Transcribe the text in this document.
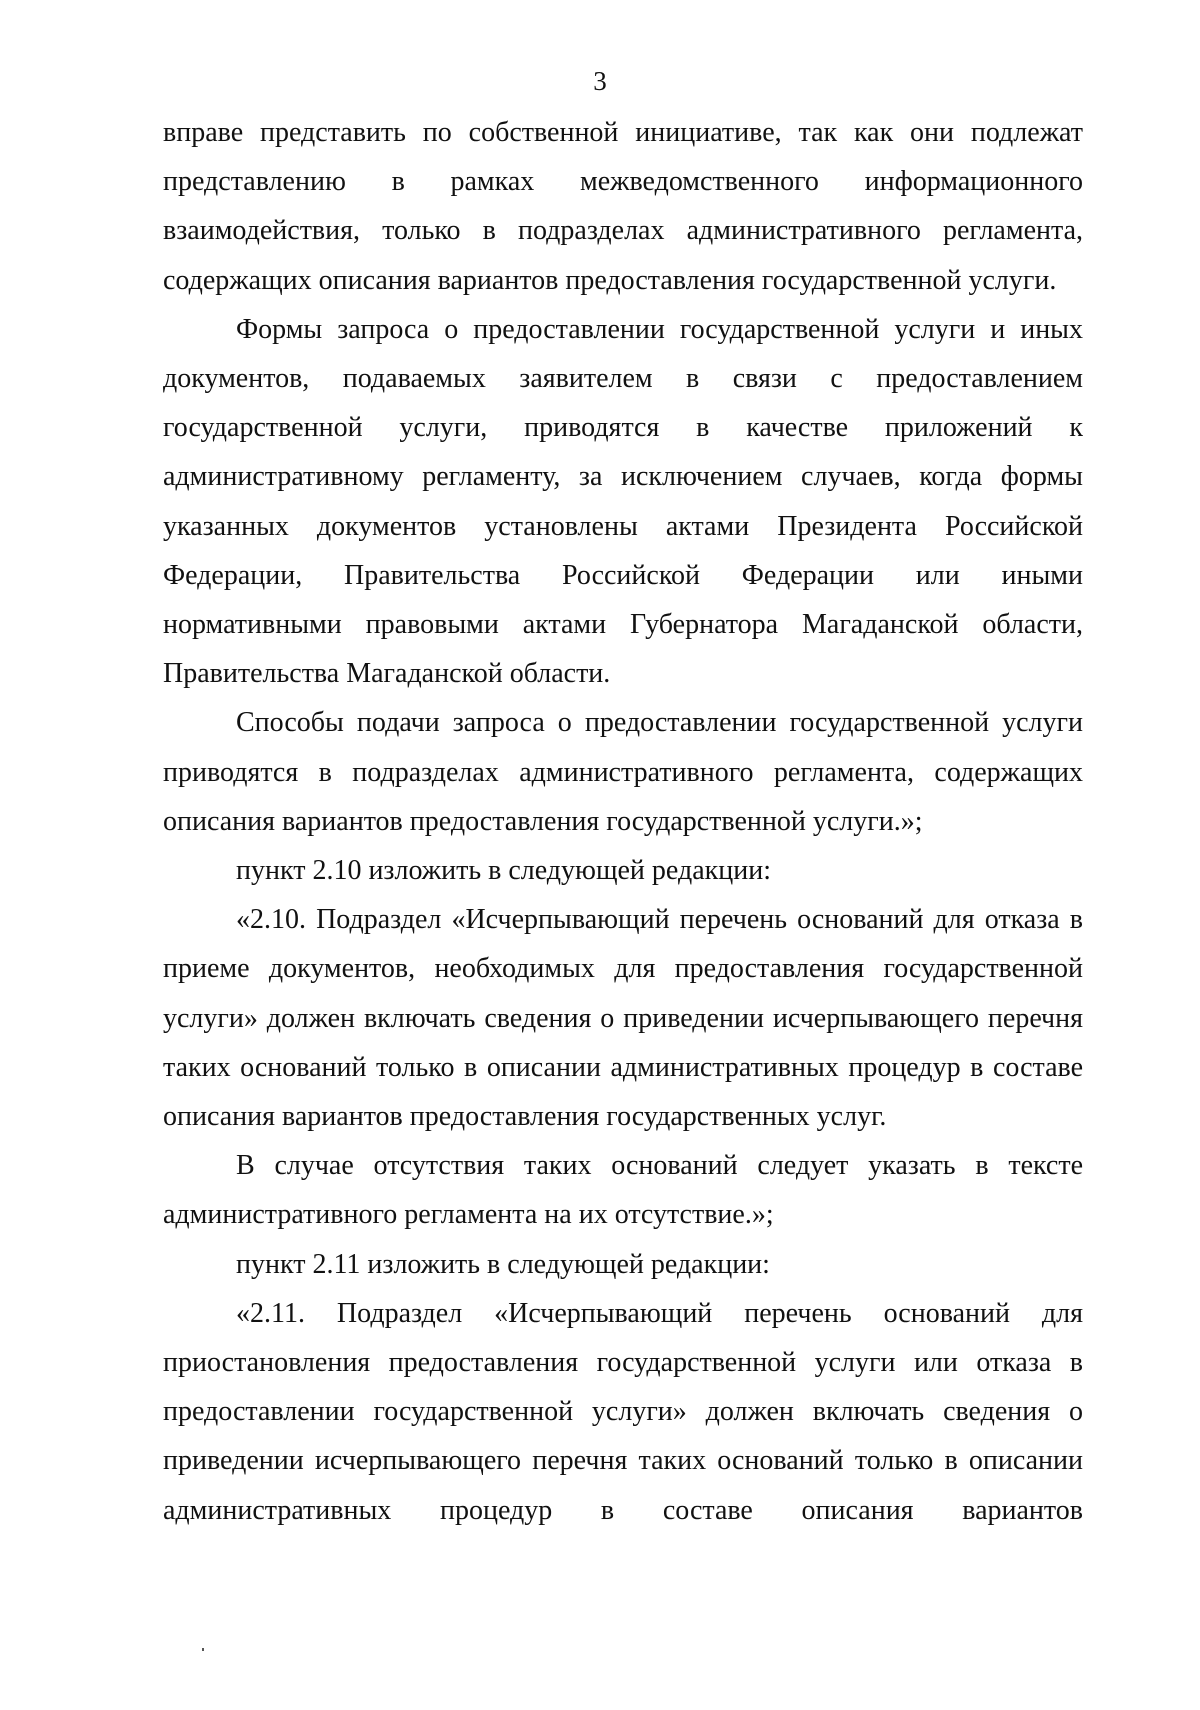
3

вправе представить по собственной инициативе, так как они подлежат представлению в рамках межведомственного информационного взаимодействия, только в подразделах административного регламента, содержащих описания вариантов предоставления государственной услуги.

Формы запроса о предоставлении государственной услуги и иных документов, подаваемых заявителем в связи с предоставлением государственной услуги, приводятся в качестве приложений к административному регламенту, за исключением случаев, когда формы указанных документов установлены актами Президента Российской Федерации, Правительства Российской Федерации или иными нормативными правовыми актами Губернатора Магаданской области, Правительства Магаданской области.

Способы подачи запроса о предоставлении государственной услуги приводятся в подразделах административного регламента, содержащих описания вариантов предоставления государственной услуги.»;

пункт 2.10 изложить в следующей редакции:

«2.10. Подраздел «Исчерпывающий перечень оснований для отказа в приеме документов, необходимых для предоставления государственной услуги» должен включать сведения о приведении исчерпывающего перечня таких оснований только в описании административных процедур в составе описания вариантов предоставления государственных услуг.

В случае отсутствия таких оснований следует указать в тексте административного регламента на их отсутствие.»;

пункт 2.11 изложить в следующей редакции:

«2.11. Подраздел «Исчерпывающий перечень оснований для приостановления предоставления государственной услуги или отказа в предоставлении государственной услуги» должен включать сведения о приведении исчерпывающего перечня таких оснований только в описании административных процедур в составе описания вариантов
